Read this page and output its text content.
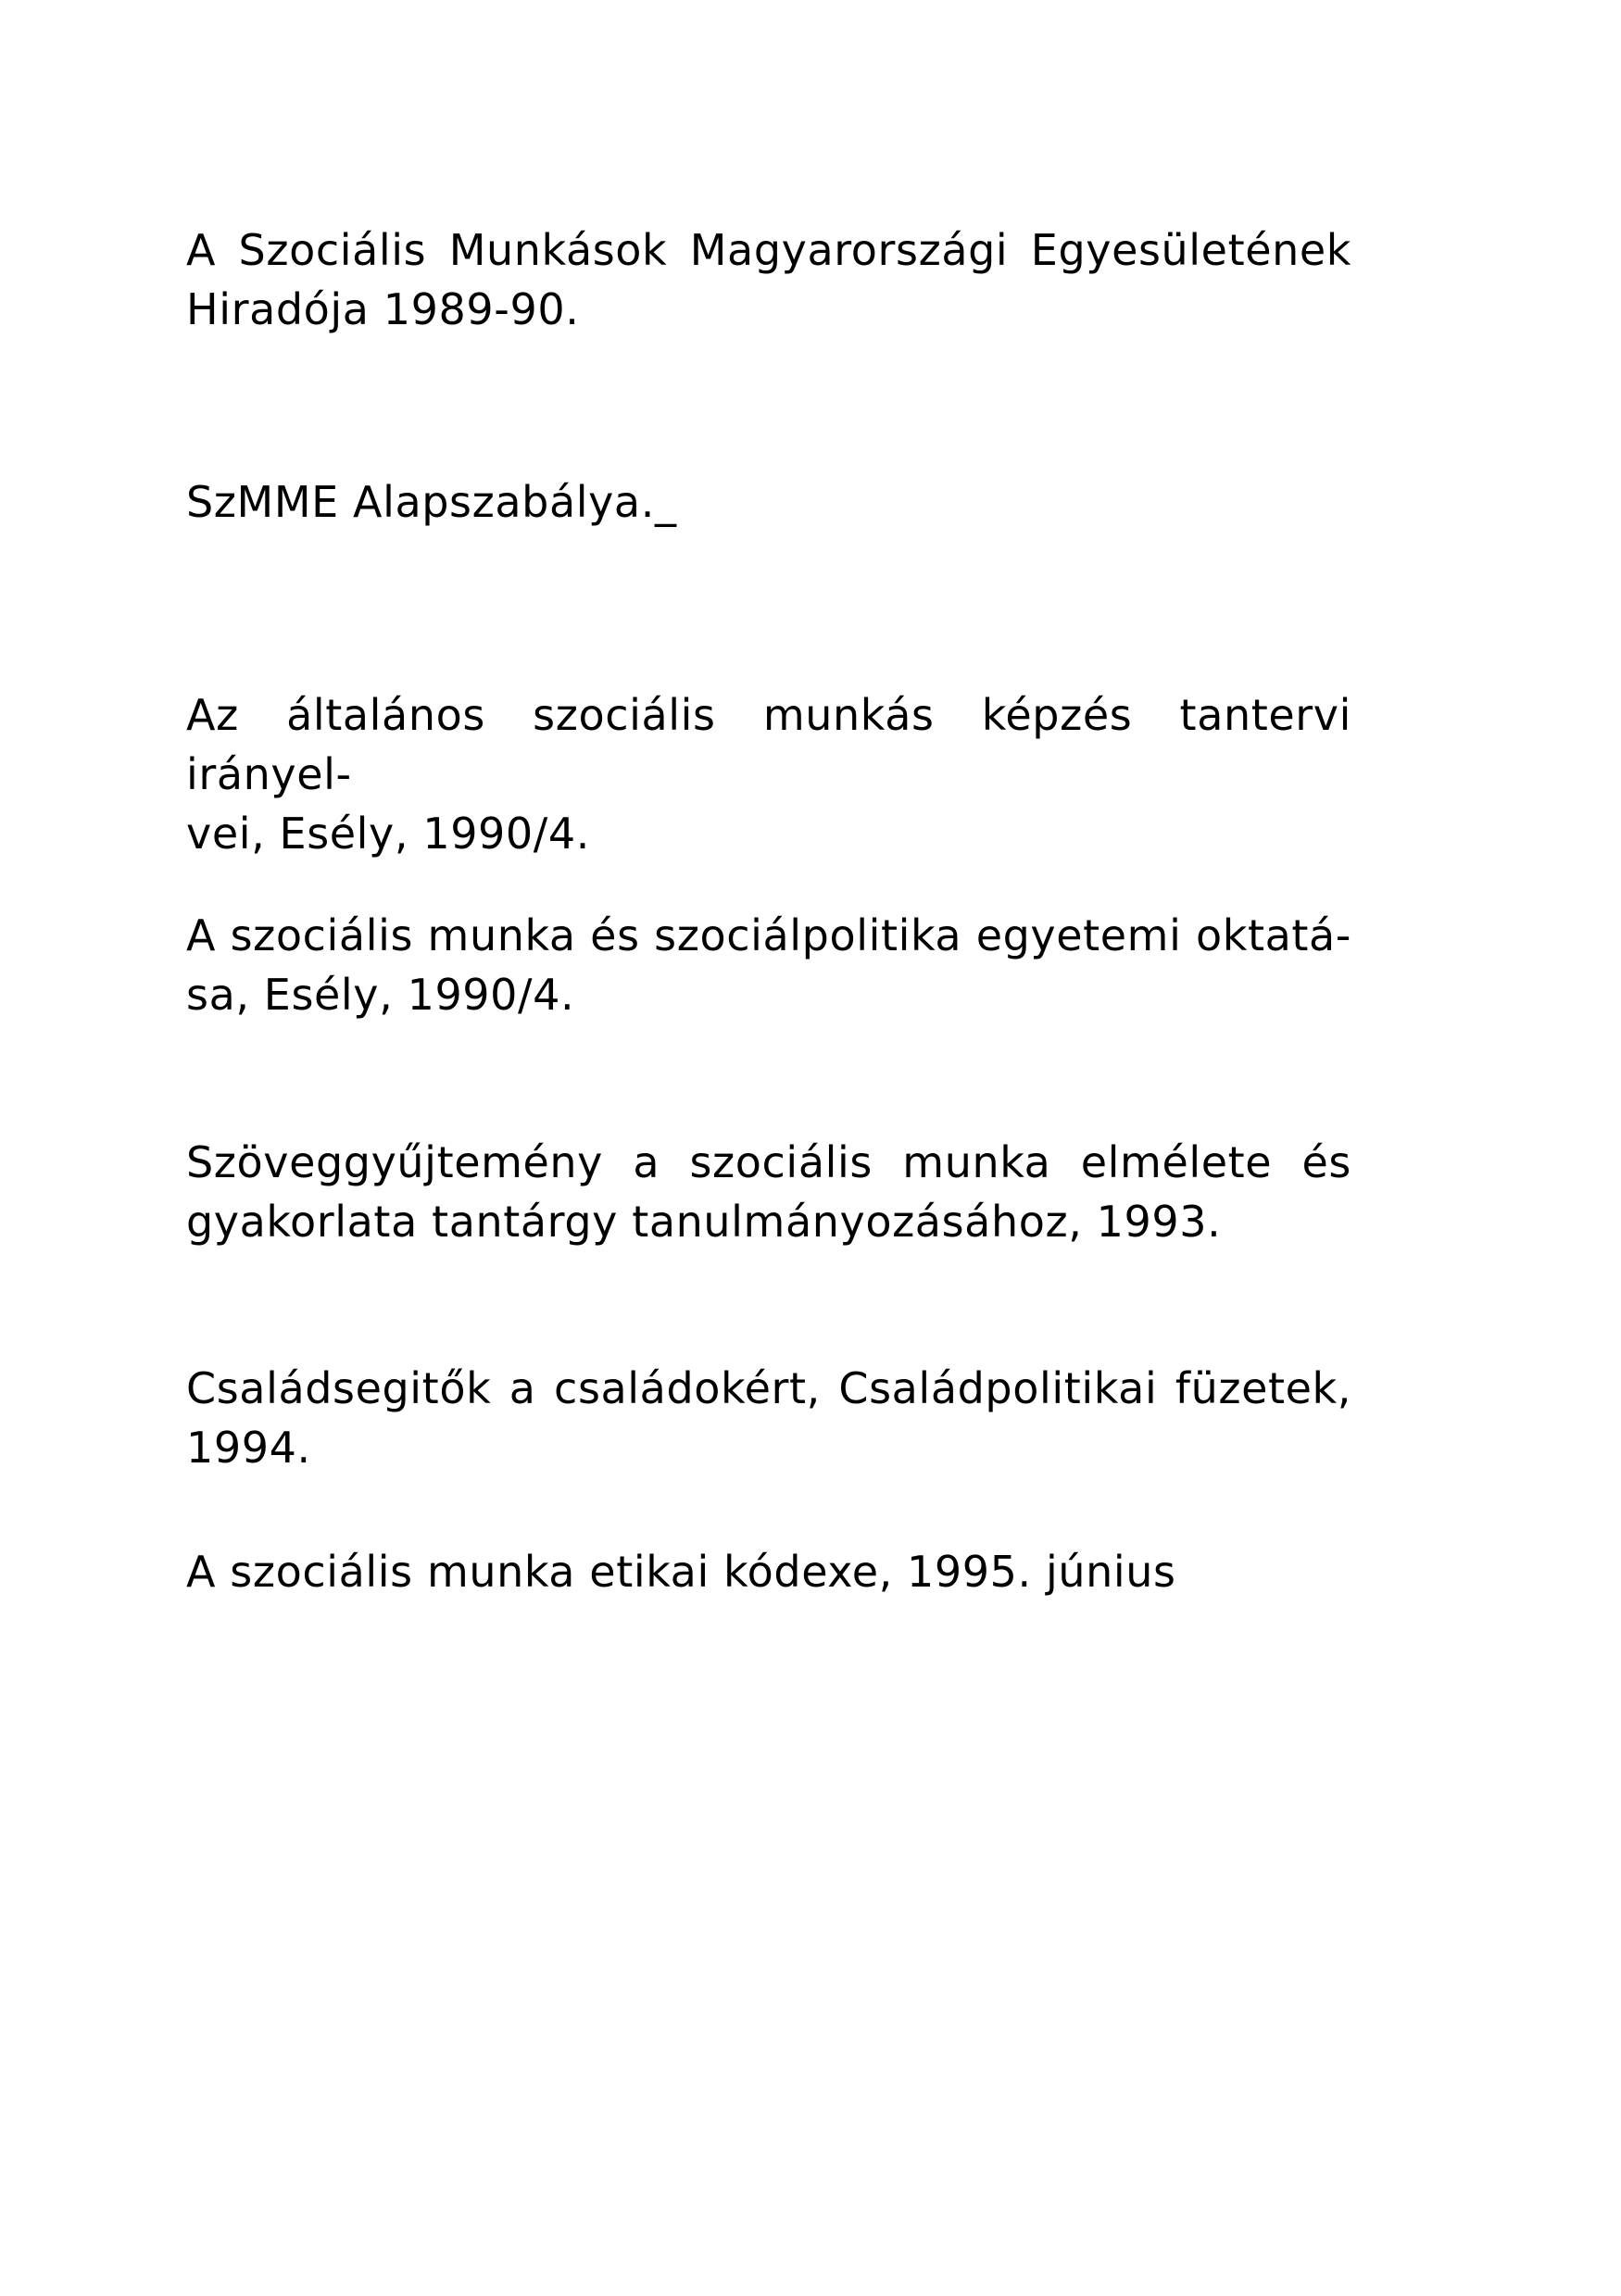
A Szociális Munkások Magyarországi Egyesületének
Hiradója 1989-90.
SzMME Alapszabálya._
Az általános szociális munkás képzés tantervi irányel-
vei, Esély, 1990/4.
A szociális munka és szociálpolitika egyetemi oktatá-
sa, Esély, 1990/4.
Szöveggyűjtemény a szociális munka elmélete és
gyakorlata tantárgy tanulmányozásához, 1993.
Családsegitők a családokért, Családpolitikai füzetek,
1994.
A szociális munka etikai kódexe, 1995. június
